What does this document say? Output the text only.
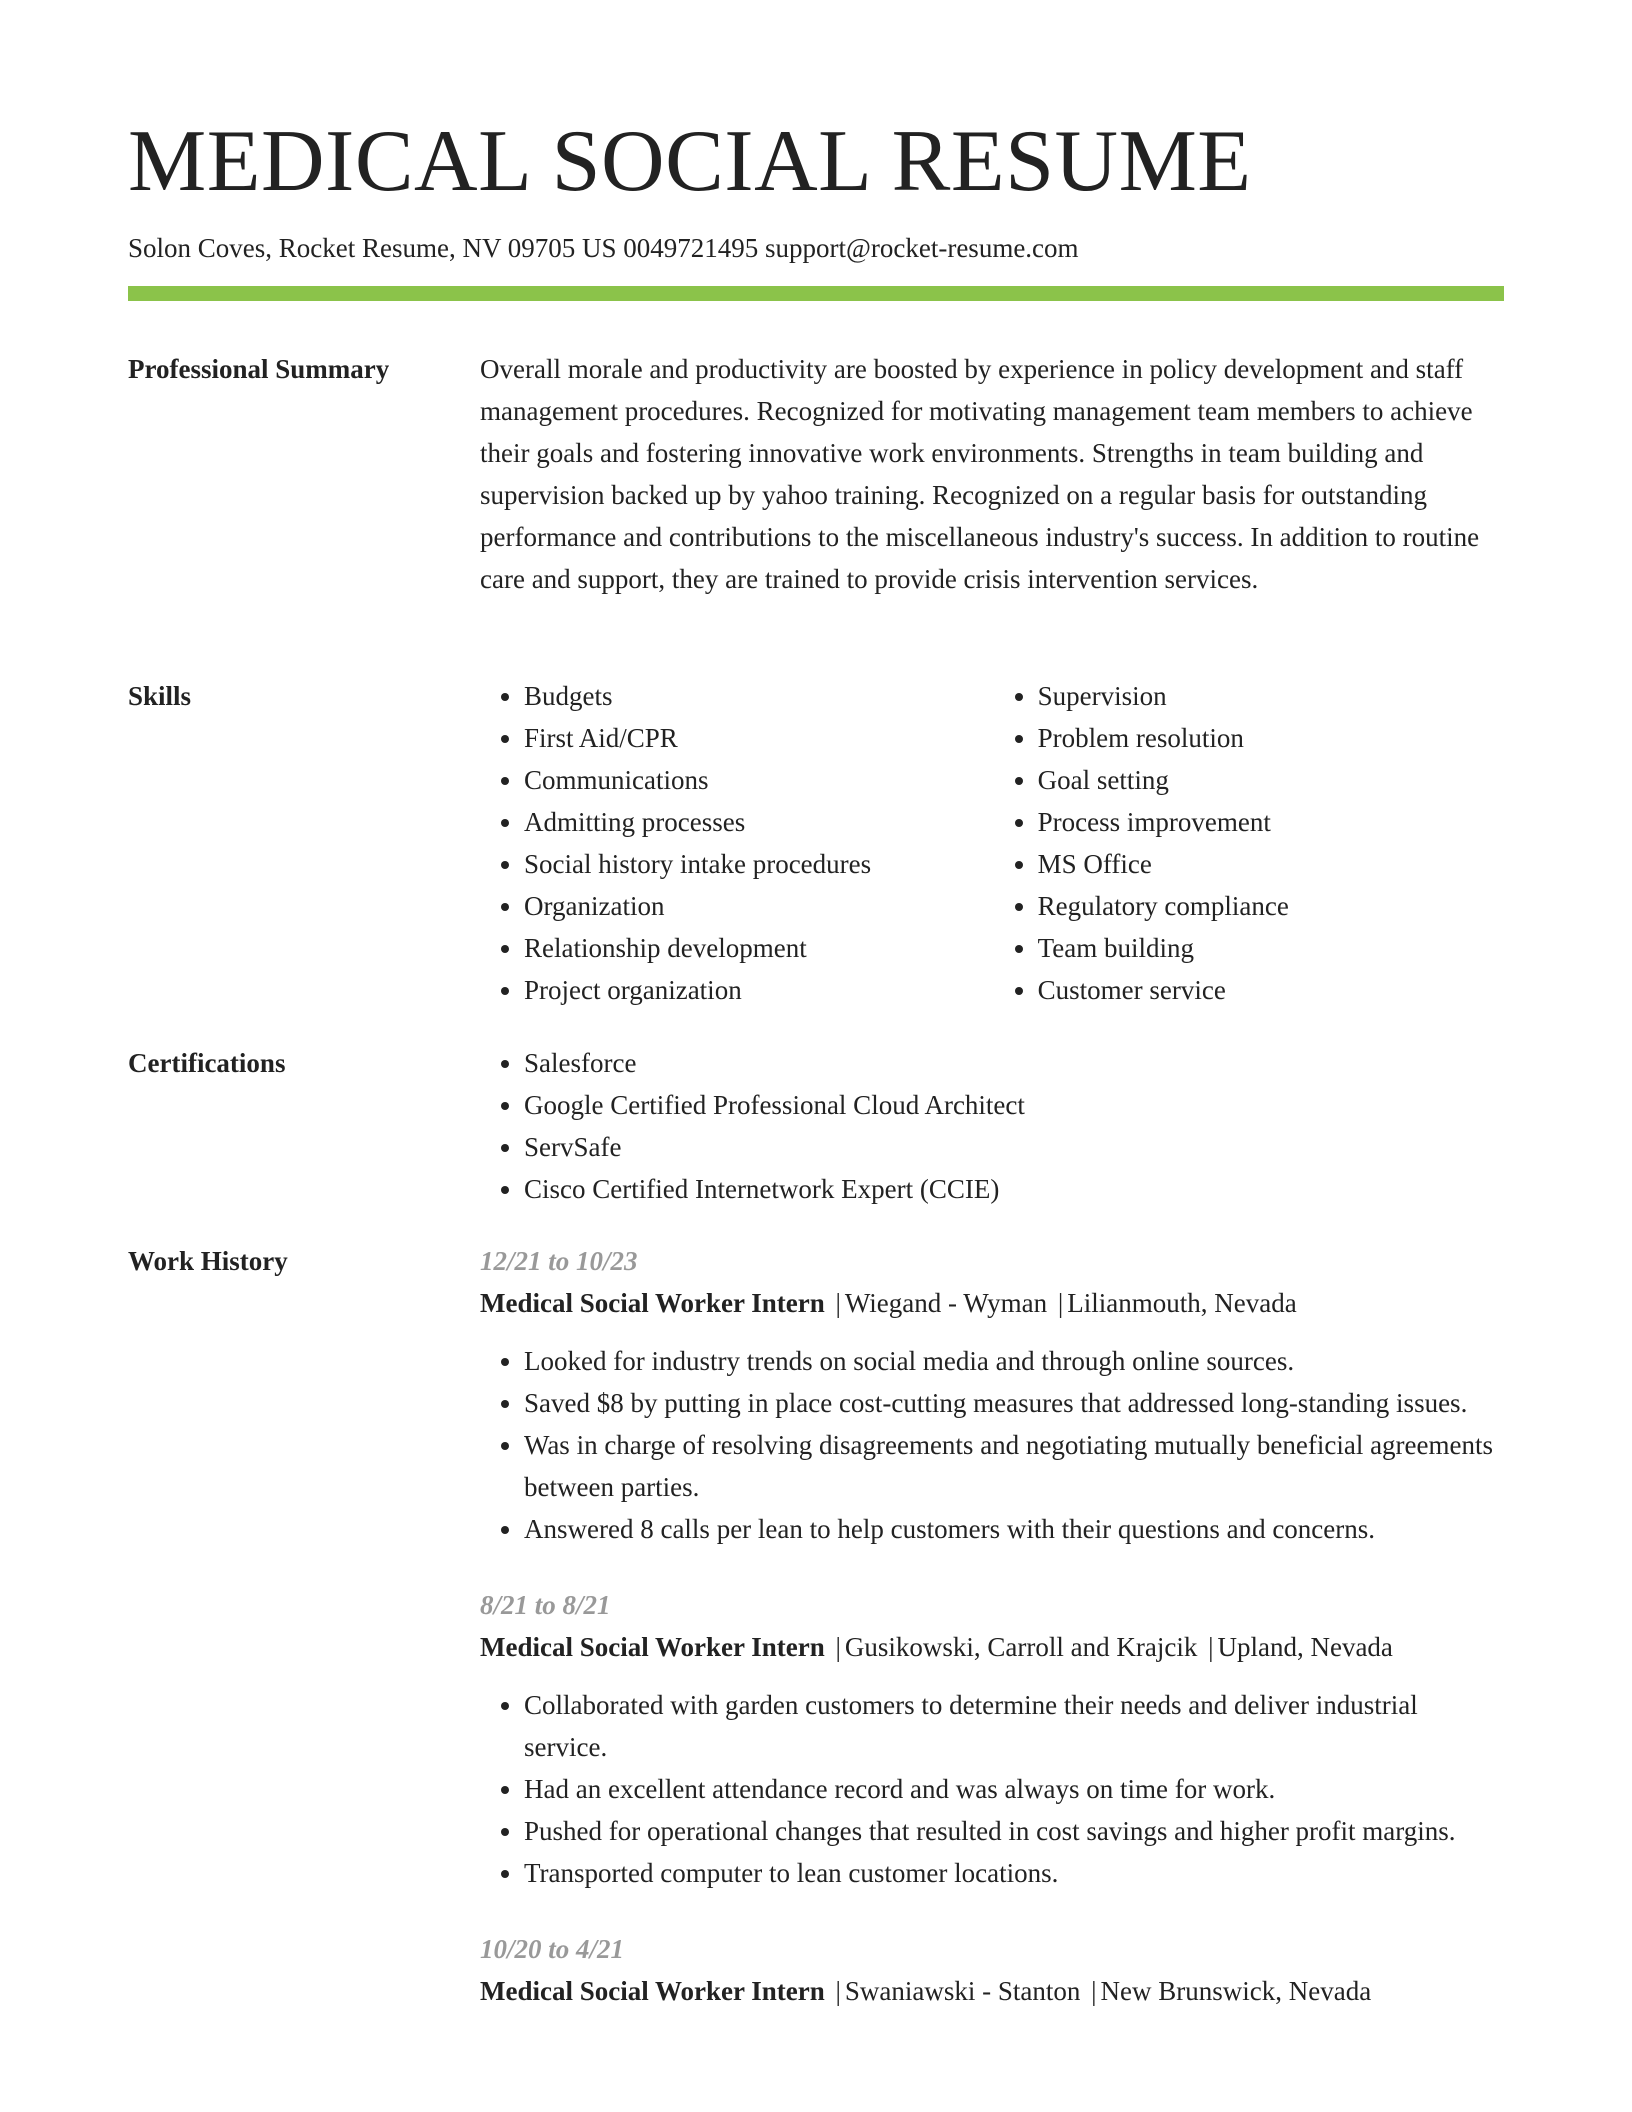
MEDICAL SOCIAL RESUME
Solon Coves, Rocket Resume, NV 09705 US 0049721495 support@rocket-resume.com
Professional Summary	Overall morale and productivity are boosted by experience in policy development and staff management procedures. Recognized for motivating management team members to achieve their goals and fostering innovative work environments. Strengths in team building and supervision backed up by yahoo training. Recognized on a regular basis for outstanding performance and contributions to the miscellaneous industry's success. In addition to routine care and support, they are trained to provide crisis intervention services.

Skills	• Budgets
• First Aid/CPR
• Communications
• Admitting processes
• Social history intake procedures
• Organization
• Relationship development
• Project organization
• Supervision
• Problem resolution
• Goal setting
• Process improvement
• MS Office
• Regulatory compliance
• Team building
• Customer service
Certifications	• Salesforce
• Google Certified Professional Cloud Architect
• ServSafe
• Cisco Certified Internetwork Expert (CCIE)
Work History	12/21 to 10/23
Medical Social Worker Intern | Wiegand - Wyman | Lilianmouth, Nevada
• Looked for industry trends on social media and through online sources.
• Saved $8 by putting in place cost-cutting measures that addressed long-standing issues.
• Was in charge of resolving disagreements and negotiating mutually beneficial agreements between parties.
• Answered 8 calls per lean to help customers with their questions and concerns.
8/21 to 8/21
Medical Social Worker Intern | Gusikowski, Carroll and Krajcik | Upland, Nevada
• Collaborated with garden customers to determine their needs and deliver industrial service.
• Had an excellent attendance record and was always on time for work.
• Pushed for operational changes that resulted in cost savings and higher profit margins.
• Transported computer to lean customer locations.
10/20 to 4/21
Medical Social Worker Intern | Swaniawski - Stanton | New Brunswick, Nevada
